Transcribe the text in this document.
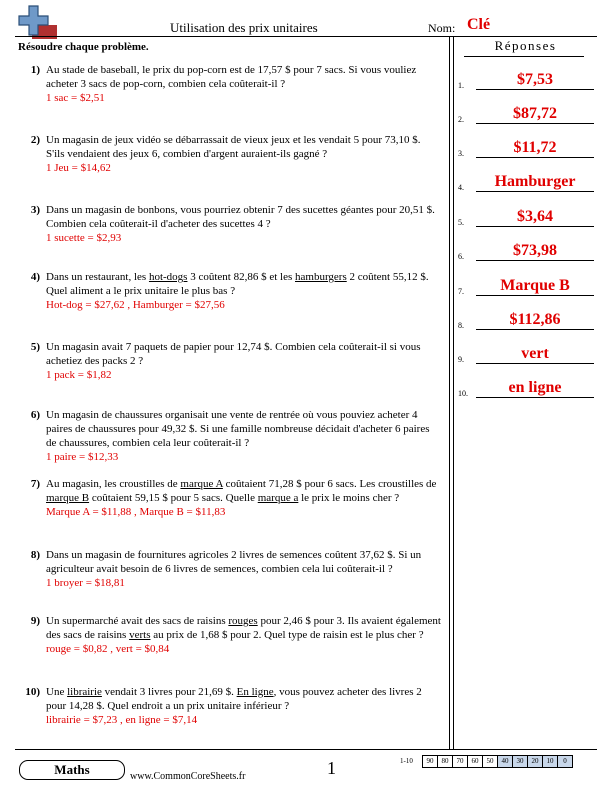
Utilisation des prix unitaires	Nom: Clé
Résoudre chaque problème.	Réponses
1) Au stade de baseball, le prix du pop-corn est de 17,57 $ pour 7 sacs. Si vous vouliez acheter 3 sacs de pop-corn, combien cela coûterait-il ?
1 sac = $2,51
2) Un magasin de jeux vidéo se débarrassait de vieux jeux et les vendait 5 pour 73,10 $. S'ils vendaient des jeux 6, combien d'argent auraient-ils gagné ?
1 Jeu = $14,62
3) Dans un magasin de bonbons, vous pourriez obtenir 7 des sucettes géantes pour 20,51 $. Combien cela coûterait-il d'acheter des sucettes 4 ?
1 sucette = $2,93
4) Dans un restaurant, les hot-dogs 3 coûtent 82,86 $ et les hamburgers 2 coûtent 55,12 $. Quel aliment a le prix unitaire le plus bas ?
Hot-dog = $27,62 , Hamburger = $27,56
5) Un magasin avait 7 paquets de papier pour 12,74 $. Combien cela coûterait-il si vous achetiez des packs 2 ?
1 pack = $1,82
6) Un magasin de chaussures organisait une vente de rentrée où vous pouviez acheter 4 paires de chaussures pour 49,32 $. Si une famille nombreuse décidait d'acheter 6 paires de chaussures, combien cela leur coûterait-il ?
1 paire = $12,33
7) Au magasin, les croustilles de marque A coûtaient 71,28 $ pour 6 sacs. Les croustilles de marque B coûtaient 59,15 $ pour 5 sacs. Quelle marque a le prix le moins cher ?
Marque A = $11,88 , Marque B = $11,83
8) Dans un magasin de fournitures agricoles 2 livres de semences coûtent 37,62 $. Si un agriculteur avait besoin de 6 livres de semences, combien cela lui coûterait-il ?
1 broyer = $18,81
9) Un supermarché avait des sacs de raisins rouges pour 2,46 $ pour 3. Ils avaient également des sacs de raisins verts au prix de 1,68 $ pour 2. Quel type de raisin est le plus cher ?
rouge = $0,82 , vert = $0,84
10) Une librairie vendait 3 livres pour 21,69 $. En ligne, vous pouvez acheter des livres 2 pour 14,28 $. Quel endroit a un prix unitaire inférieur ?
librairie = $7,23 , en ligne = $7,14
1.	$7,53
2.	$87,72
3.	$11,72
4.	Hamburger
5.	$3,64
6.	$73,98
7.	Marque B
8.	$112,86
9.	vert
10.	en ligne
Maths	www.CommonCoreSheets.fr	1	1-10	90	80	70	60	50	40	30	20	10	0
